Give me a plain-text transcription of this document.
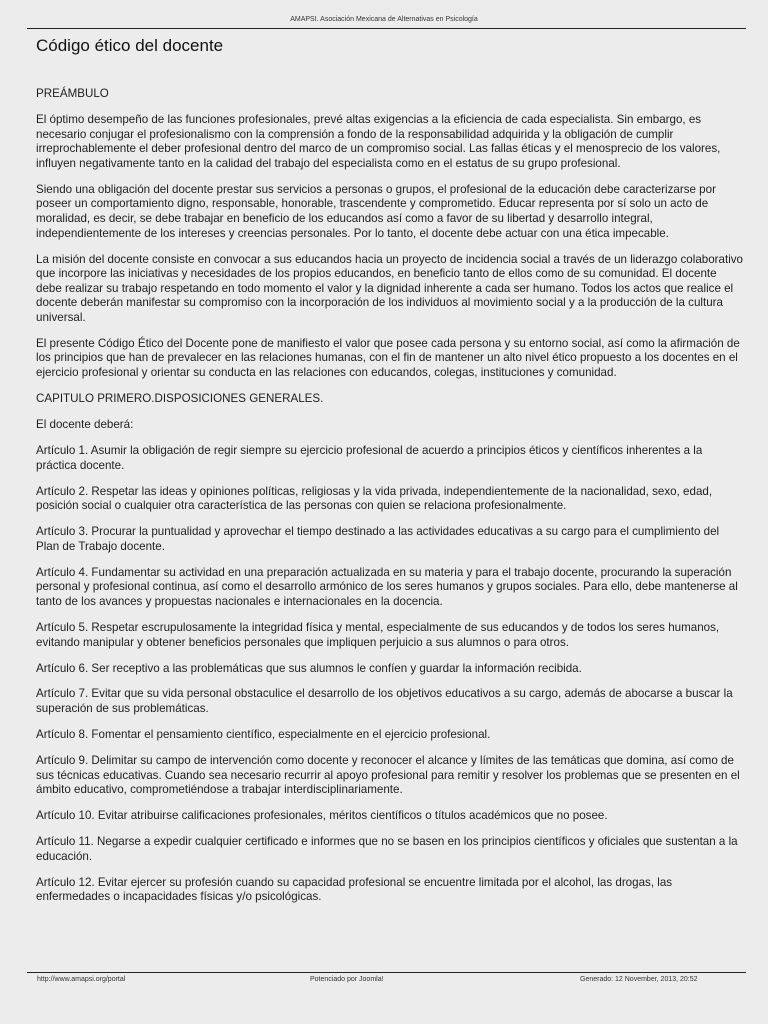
AMAPSI. Asociación Mexicana de Alternativas en Psicología
Código ético del docente

PREÁMBULO

El óptimo desempeño de las funciones profesionales, prevé altas exigencias a la eficiencia de cada especialista. Sin embargo, es necesario conjugar el profesionalismo con la comprensión a fondo de la responsabilidad adquirida y la obligación de cumplir irreprochablemente el deber profesional dentro del marco de un compromiso social. Las fallas éticas y el menosprecio de los valores, influyen negativamente tanto en la calidad del trabajo del especialista como en el estatus de su grupo profesional.

Siendo una obligación del docente prestar sus servicios a personas o grupos, el profesional de la educación debe caracterizarse por poseer un comportamiento digno, responsable, honorable, trascendente y comprometido. Educar representa por sí solo un acto de moralidad, es decir, se debe trabajar en beneficio de los educandos así como a favor de su libertad y desarrollo integral, independientemente de los intereses y creencias personales. Por lo tanto, el docente debe actuar con una ética impecable.

La misión del docente consiste en convocar a sus educandos hacia un proyecto de incidencia social a través de un liderazgo colaborativo que incorpore las iniciativas y necesidades de los propios educandos, en beneficio tanto de ellos como de su comunidad. El docente debe realizar su trabajo respetando en todo momento el valor y la dignidad inherente a cada ser humano. Todos los actos que realice el docente deberán manifestar su compromiso con la incorporación de los individuos al movimiento social y a la producción de la cultura universal.

El presente Código Ético del Docente pone de manifiesto el valor que posee cada persona y su entorno social, así como la afirmación de los principios que han de prevalecer en las relaciones humanas, con el fin de mantener un alto nivel ético propuesto a los docentes en el ejercicio profesional y orientar su conducta en las relaciones con educandos, colegas, instituciones y comunidad.

CAPITULO PRIMERO.DISPOSICIONES GENERALES.

El docente deberá:

Artículo 1. Asumir la obligación de regir siempre su ejercicio profesional de acuerdo a principios éticos y científicos inherentes a la práctica docente.

Artículo 2. Respetar las ideas y opiniones políticas, religiosas y la vida privada, independientemente de la nacionalidad, sexo, edad, posición social o cualquier otra característica de las personas con quien se relaciona profesionalmente.

Artículo 3. Procurar la puntualidad y aprovechar el tiempo destinado a las actividades educativas a su cargo para el cumplimiento del Plan de Trabajo docente.

Artículo 4. Fundamentar su actividad en una preparación actualizada en su materia y para el trabajo docente, procurando la superación personal y profesional continua, así como el desarrollo armónico de los seres humanos y grupos sociales. Para ello, debe mantenerse al tanto de los avances y propuestas nacionales e internacionales en la docencia.

Artículo 5. Respetar escrupulosamente la integridad física y mental, especialmente de sus educandos y de todos los seres humanos, evitando manipular y obtener beneficios personales que impliquen perjuicio a sus alumnos o para otros.

Artículo 6. Ser receptivo a las problemáticas que sus alumnos le confíen y guardar la información recibida.

Artículo 7. Evitar que su vida personal obstaculice el desarrollo de los objetivos educativos a su cargo, además de abocarse a buscar la superación de sus problemáticas.

Artículo 8. Fomentar el pensamiento científico, especialmente en el ejercicio profesional.

Artículo 9. Delimitar su campo de intervención como docente y reconocer el alcance y límites de las temáticas que domina, así como de sus técnicas educativas. Cuando sea necesario recurrir al apoyo profesional para remitir y resolver los problemas que se presenten en el ámbito educativo, comprometiéndose a trabajar interdisciplinariamente.

Artículo 10. Evitar atribuirse calificaciones profesionales, méritos científicos o títulos académicos que no posee.

Artículo 11. Negarse a expedir cualquier certificado e informes que no se basen en los principios científicos y oficiales que sustentan a la educación.

Artículo 12. Evitar ejercer su profesión cuando su capacidad profesional se encuentre limitada por el alcohol, las drogas, las enfermedades o incapacidades físicas y/o psicológicas.

http://www.amapsi.org/portal	Potenciado por Joomla!	Generado: 12 November, 2013, 20:52
